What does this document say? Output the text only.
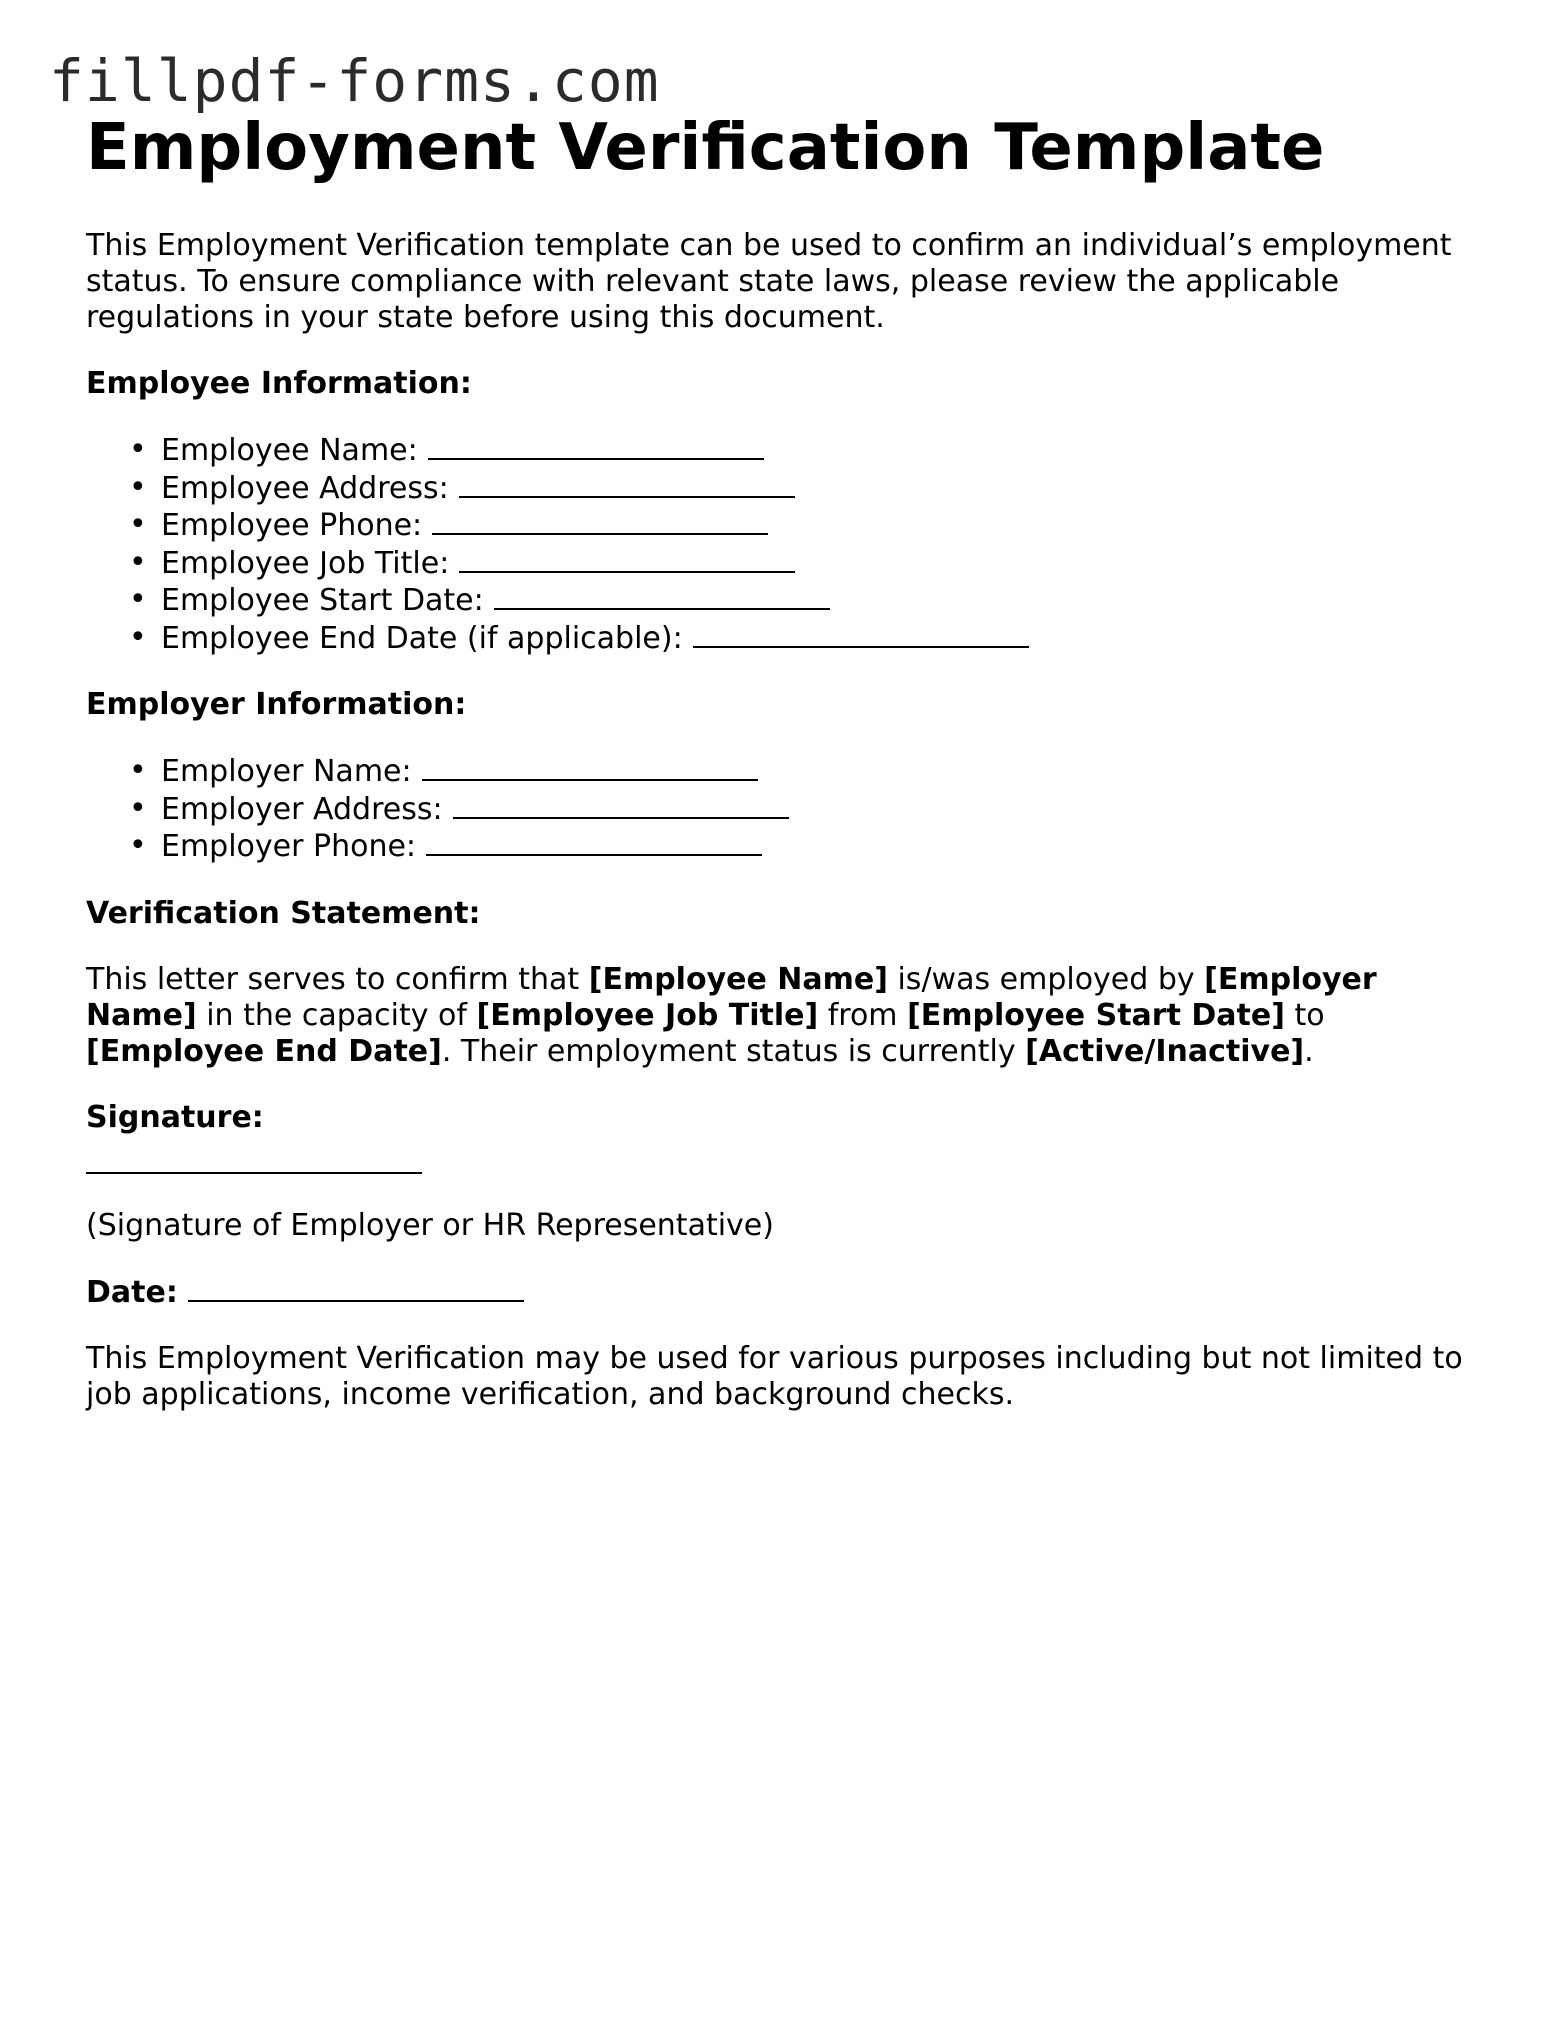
fillpdf-forms.com
Employment Verification Template

This Employment Verification template can be used to confirm an individual’s employment status. To ensure compliance with relevant state laws, please review the applicable regulations in your state before using this document.

Employee Information:
• Employee Name:
• Employee Address:
• Employee Phone:
• Employee Job Title:
• Employee Start Date:
• Employee End Date (if applicable):
Employer Information:
• Employer Name:
• Employer Address:
• Employer Phone:
Verification Statement:

This letter serves to confirm that [Employee Name] is/was employed by [Employer Name] in the capacity of [Employee Job Title] from [Employee Start Date] to [Employee End Date]. Their employment status is currently [Active/Inactive].

Signature:

(Signature of Employer or HR Representative)

Date:

This Employment Verification may be used for various purposes including but not limited to job applications, income verification, and background checks.
